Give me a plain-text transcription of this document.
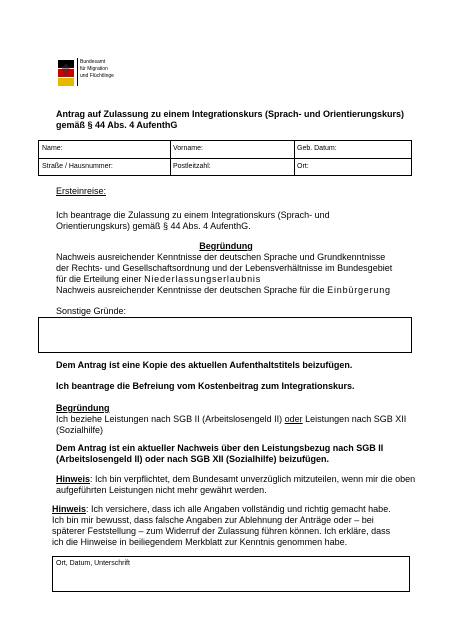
Bundesamt
für Migration
und Flüchtlinge
Antrag auf Zulassung zu einem Integrationskurs (Sprach- und Orientierungskurs)
gemäß § 44 Abs. 4 AufenthG
Name:	Vorname:	Geb. Datum:
Straße / Hausnummer:	Postleitzahl:	Ort:
Ersteinreise:
Ich beantrage die Zulassung zu einem Integrationskurs (Sprach- und
Orientierungskurs) gemäß § 44 Abs. 4 AufenthG.
Begründung
Nachweis ausreichender Kenntnisse der deutschen Sprache und Grundkenntnisse
der Rechts- und Gesellschaftsordnung und der Lebensverhältnisse im Bundesgebiet
für die Erteilung einer Niederlassungserlaubnis
Nachweis ausreichender Kenntnisse der deutschen Sprache für die Einbürgerung
Sonstige Gründe:
Dem Antrag ist eine Kopie des aktuellen Aufenthaltstitels beizufügen.
Ich beantrage die Befreiung vom Kostenbeitrag zum Integrationskurs.
Begründung
Ich beziehe Leistungen nach SGB II (Arbeitslosengeld II) oder Leistungen nach SGB XII
(Sozialhilfe)
Dem Antrag ist ein aktueller Nachweis über den Leistungsbezug nach SGB II
(Arbeitslosengeld II) oder nach SGB XII (Sozialhilfe) beizufügen.
Hinweis: Ich bin verpflichtet, dem Bundesamt unverzüglich mitzuteilen, wenn mir die oben
aufgeführten Leistungen nicht mehr gewährt werden.
Hinweis: Ich versichere, dass ich alle Angaben vollständig und richtig gemacht habe.
Ich bin mir bewusst, dass falsche Angaben zur Ablehnung der Anträge oder – bei
späterer Feststellung – zum Widerruf der Zulassung führen können. Ich erkläre, dass
ich die Hinweise in beiliegendem Merkblatt zur Kenntnis genommen habe.
Ort, Datum, Unterschrift
